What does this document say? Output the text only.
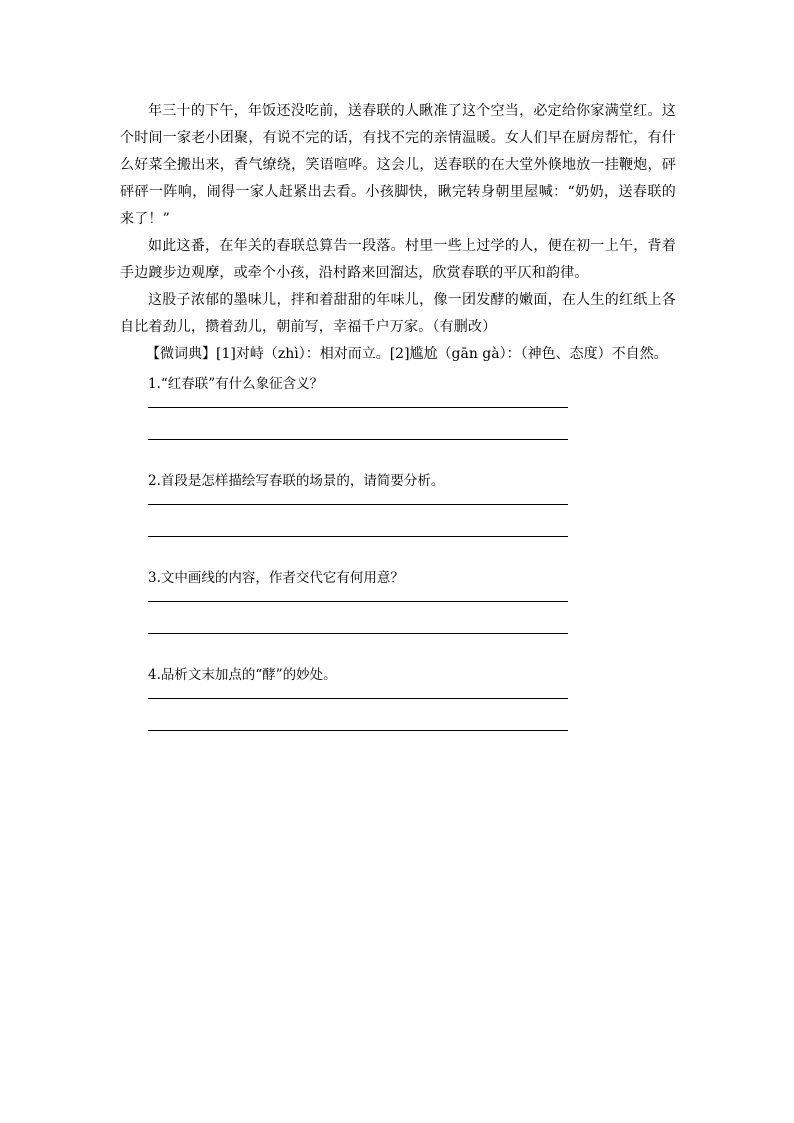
年三十的下午，年饭还没吃前，送春联的人瞅准了这个空当，必定给你家满堂红。这个时间一家老小团聚，有说不完的话，有找不完的亲情温暖。女人们早在厨房帮忙，有什么好菜全搬出来，香气缭绕，笑语喧哗。这会儿，送春联的在大堂外倏地放一挂鞭炮，砰砰砰一阵响，闹得一家人赶紧出去看。小孩脚快，瞅完转身朝里屋喊：“奶奶，送春联的来了！”

如此这番，在年关的春联总算告一段落。村里一些上过学的人，便在初一上午，背着手边踱步边观摩，或牵个小孩，沿村路来回溜达，欣赏春联的平仄和韵律。

这股子浓郁的墨味儿，拌和着甜甜的年味儿，像一团发酵的嫩面，在人生的红纸上各自比着劲儿，攒着劲儿，朝前写，幸福千户万家。（有删改）

【微词典】[1]对峙（zhì）：相对而立。[2]尴尬（gān gà）：（神色、态度）不自然。

1.“红春联”有什么象征含义？

2.首段是怎样描绘写春联的场景的，请简要分析。

3.文中画线的内容，作者交代它有何用意？

4.品析文末加点的“酵”的妙处。
